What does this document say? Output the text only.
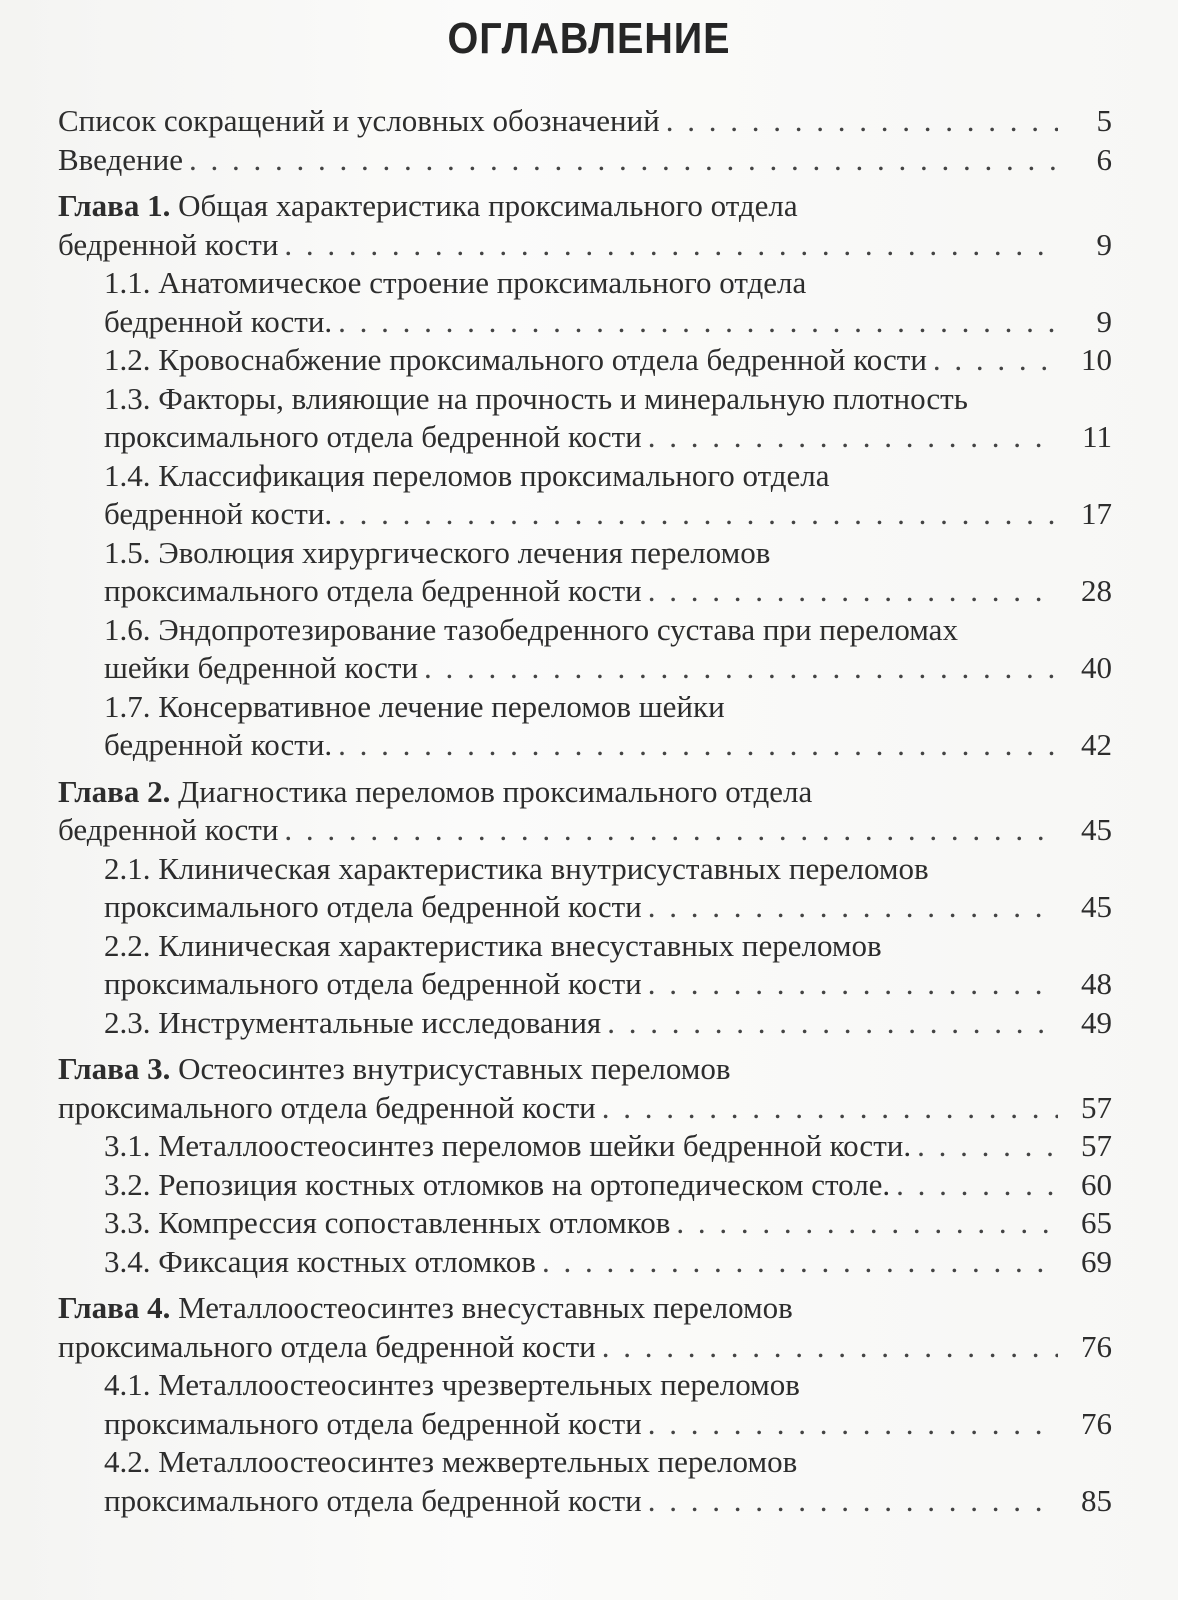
ОГЛАВЛЕНИЕ
Список сокращений и условных обозначений . . .	5
Введение . . .	6
Глава 1. Общая характеристика проксимального отдела
бедренной кости . . .	9
1.1. Анатомическое строение проксимального отдела
бедренной кости. . . .	9
1.2. Кровоснабжение проксимального отдела бедренной кости . . .	10
1.3. Факторы, влияющие на прочность и минеральную плотность
проксимального отдела бедренной кости . . .	11
1.4. Классификация переломов проксимального отдела
бедренной кости. . . .	17
1.5. Эволюция хирургического лечения переломов
проксимального отдела бедренной кости . . .	28
1.6. Эндопротезирование тазобедренного сустава при переломах
шейки бедренной кости . . .	40
1.7. Консервативное лечение переломов шейки
бедренной кости. . . .	42
Глава 2. Диагностика переломов проксимального отдела
бедренной кости . . .	45
2.1. Клиническая характеристика внутрисуставных переломов
проксимального отдела бедренной кости . . .	45
2.2. Клиническая характеристика внесуставных переломов
проксимального отдела бедренной кости . . .	48
2.3. Инструментальные исследования . . .	49
Глава 3. Остеосинтез внутрисуставных переломов
проксимального отдела бедренной кости . . .	57
3.1. Металлоостеосинтез переломов шейки бедренной кости. . . .	57
3.2. Репозиция костных отломков на ортопедическом столе. . . .	60
3.3. Компрессия сопоставленных отломков . . .	65
3.4. Фиксация костных отломков . . .	69
Глава 4. Металлоостеосинтез внесуставных переломов
проксимального отдела бедренной кости . . .	76
4.1. Металлоостеосинтез чрезвертельных переломов
проксимального отдела бедренной кости . . .	76
4.2. Металлоостеосинтез межвертельных переломов
проксимального отдела бедренной кости . . .	85
